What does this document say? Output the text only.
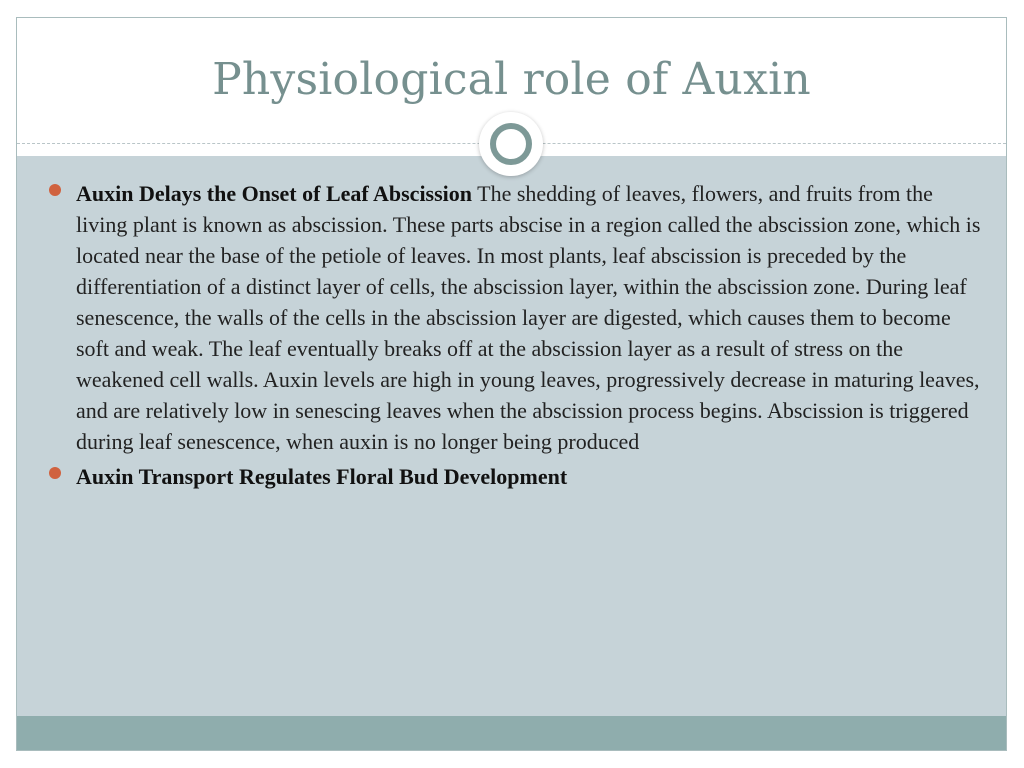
Physiological role of Auxin
Auxin Delays the Onset of Leaf Abscission The shedding of leaves, flowers, and fruits from the living plant is known as abscission. These parts abscise in a region called the abscission zone, which is located near the base of the petiole of leaves. In most plants, leaf abscission is preceded by the differentiation of a distinct layer of cells, the abscission layer, within the abscission zone. During leaf senescence, the walls of the cells in the abscission layer are digested, which causes them to become soft and weak. The leaf eventually breaks off at the abscission layer as a result of stress on the weakened cell walls. Auxin levels are high in young leaves, progressively decrease in maturing leaves, and are relatively low in senescing leaves when the abscission process begins. Abscission is triggered during leaf senescence, when auxin is no longer being produced
Auxin Transport Regulates Floral Bud Development
